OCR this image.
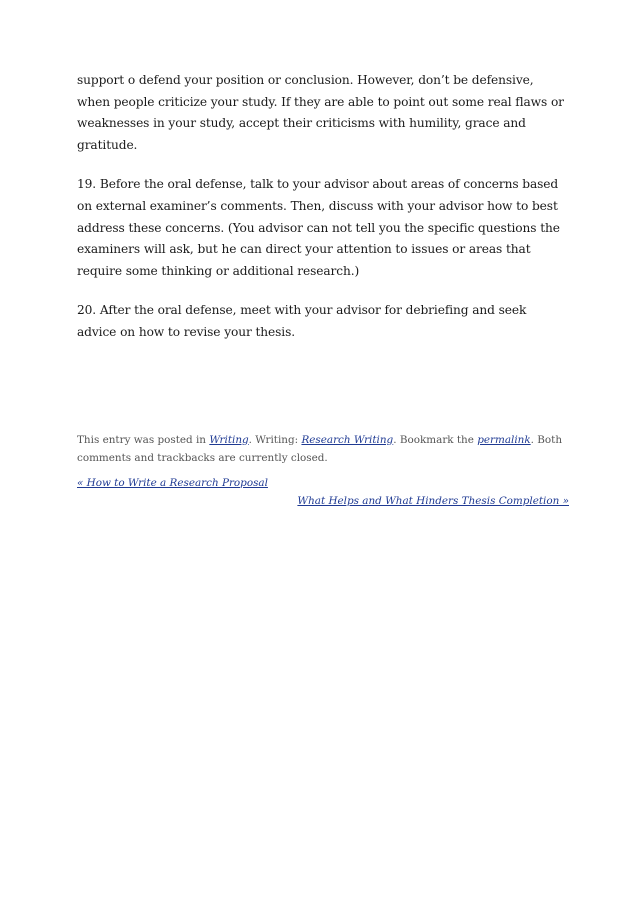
support o defend your position or conclusion. However, don’t be defensive, when people criticize your study. If they are able to point out some real flaws or weaknesses in your study, accept their criticisms with humility, grace and gratitude.

19. Before the oral defense, talk to your advisor about areas of concerns based on external examiner’s comments. Then, discuss with your advisor how to best address these concerns. (You advisor can not tell you the specific questions the examiners will ask, but he can direct your attention to issues or areas that require some thinking or additional research.)

20. After the oral defense, meet with your advisor for debriefing and seek advice on how to revise your thesis.

This entry was posted in Writing. Writing: Research Writing. Bookmark the permalink. Both comments and trackbacks are currently closed.

« How to Write a Research Proposal
What Helps and What Hinders Thesis Completion »
